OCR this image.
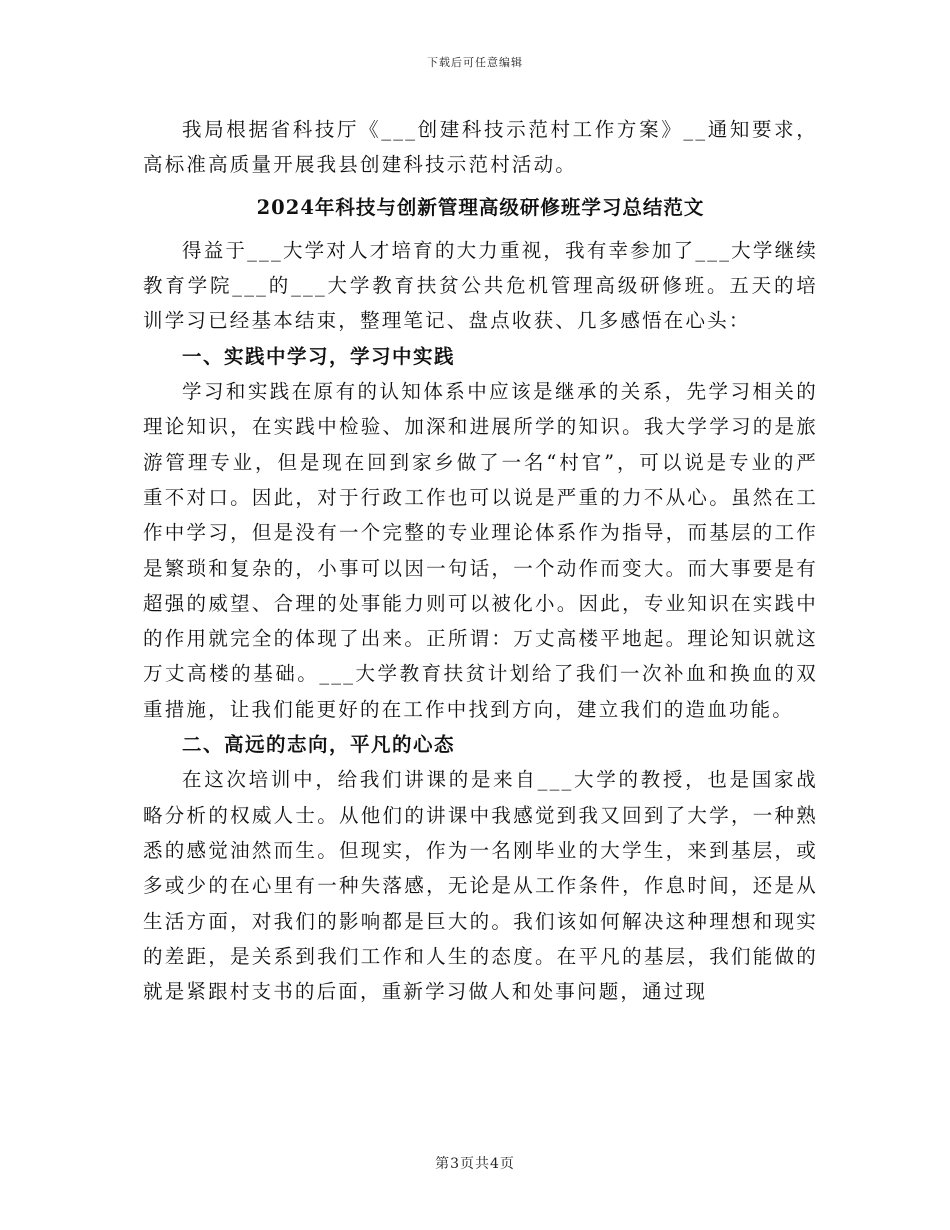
下载后可任意编辑

我局根据省科技厅《___创建科技示范村工作方案》__通知要求，高标准高质量开展我县创建科技示范村活动。

2024年科技与创新管理高级研修班学习总结范文

得益于___大学对人才培育的大力重视，我有幸参加了___大学继续教育学院___的___大学教育扶贫公共危机管理高级研修班。五天的培训学习已经基本结束，整理笔记、盘点收获、几多感悟在心头：

一、实践中学习，学习中实践

学习和实践在原有的认知体系中应该是继承的关系，先学习相关的理论知识，在实践中检验、加深和进展所学的知识。我大学学习的是旅游管理专业，但是现在回到家乡做了一名“村官”，可以说是专业的严重不对口。因此，对于行政工作也可以说是严重的力不从心。虽然在工作中学习，但是没有一个完整的专业理论体系作为指导，而基层的工作是繁琐和复杂的，小事可以因一句话，一个动作而变大。而大事要是有超强的威望、合理的处事能力则可以被化小。因此，专业知识在实践中的作用就完全的体现了出来。正所谓：万丈高楼平地起。理论知识就这万丈高楼的基础。___大学教育扶贫计划给了我们一次补血和换血的双重措施，让我们能更好的在工作中找到方向，建立我们的造血功能。

二、高远的志向，平凡的心态

在这次培训中，给我们讲课的是来自___大学的教授，也是国家战略分析的权威人士。从他们的讲课中我感觉到我又回到了大学，一种熟悉的感觉油然而生。但现实，作为一名刚毕业的大学生，来到基层，或多或少的在心里有一种失落感，无论是从工作条件，作息时间，还是从生活方面，对我们的影响都是巨大的。我们该如何解决这种理想和现实的差距，是关系到我们工作和人生的态度。在平凡的基层，我们能做的就是紧跟村支书的后面，重新学习做人和处事问题，通过现

第3页共4页
